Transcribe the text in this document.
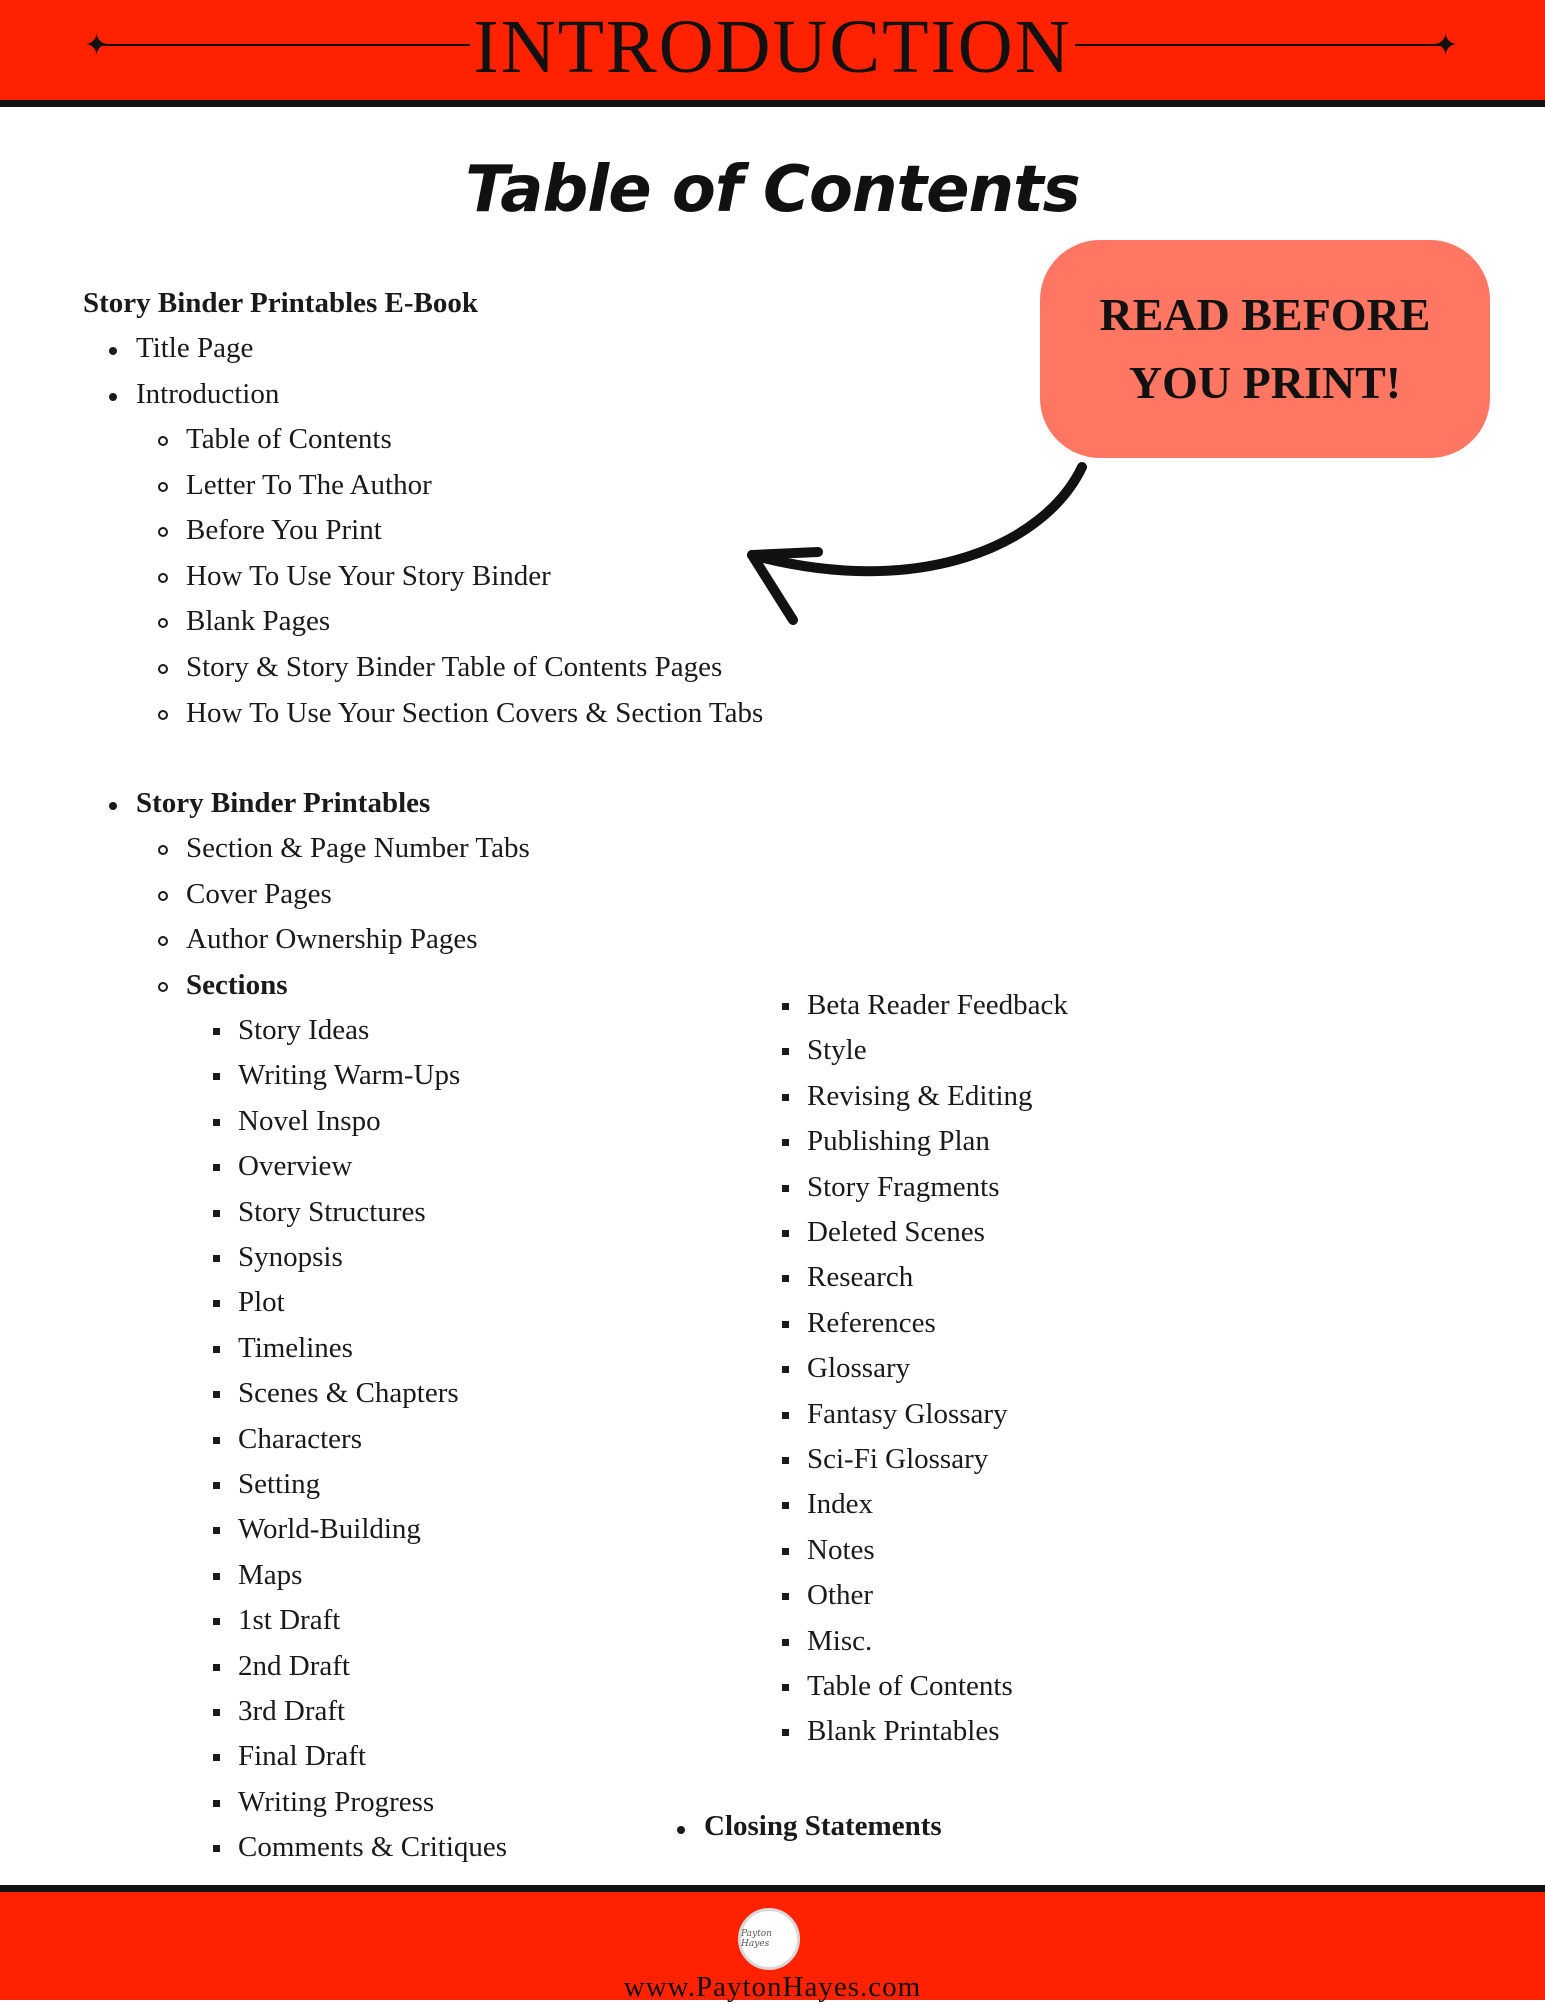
✦	✦
INTRODUCTION
Table of Contents
READ BEFORE YOU PRINT!
Story Binder Printables E-Book
Title Page
Introduction
Table of Contents
Letter To The Author
Before You Print
How To Use Your Story Binder
Blank Pages
Story & Story Binder Table of Contents Pages
How To Use Your Section Covers & Section Tabs
Story Binder Printables
Section & Page Number Tabs
Cover Pages
Author Ownership Pages
Sections
Story Ideas
Writing Warm-Ups
Novel Inspo
Overview
Story Structures
Synopsis
Plot
Timelines
Scenes & Chapters
Characters
Setting
World-Building
Maps
1st Draft
2nd Draft
3rd Draft
Final Draft
Writing Progress
Comments & Critiques
Beta Reader Feedback
Style
Revising & Editing
Publishing Plan
Story Fragments
Deleted Scenes
Research
References
Glossary
Fantasy Glossary
Sci-Fi Glossary
Index
Notes
Other
Misc.
Table of Contents
Blank Printables
Closing Statements
Payton Hayes
www.PaytonHayes.com
